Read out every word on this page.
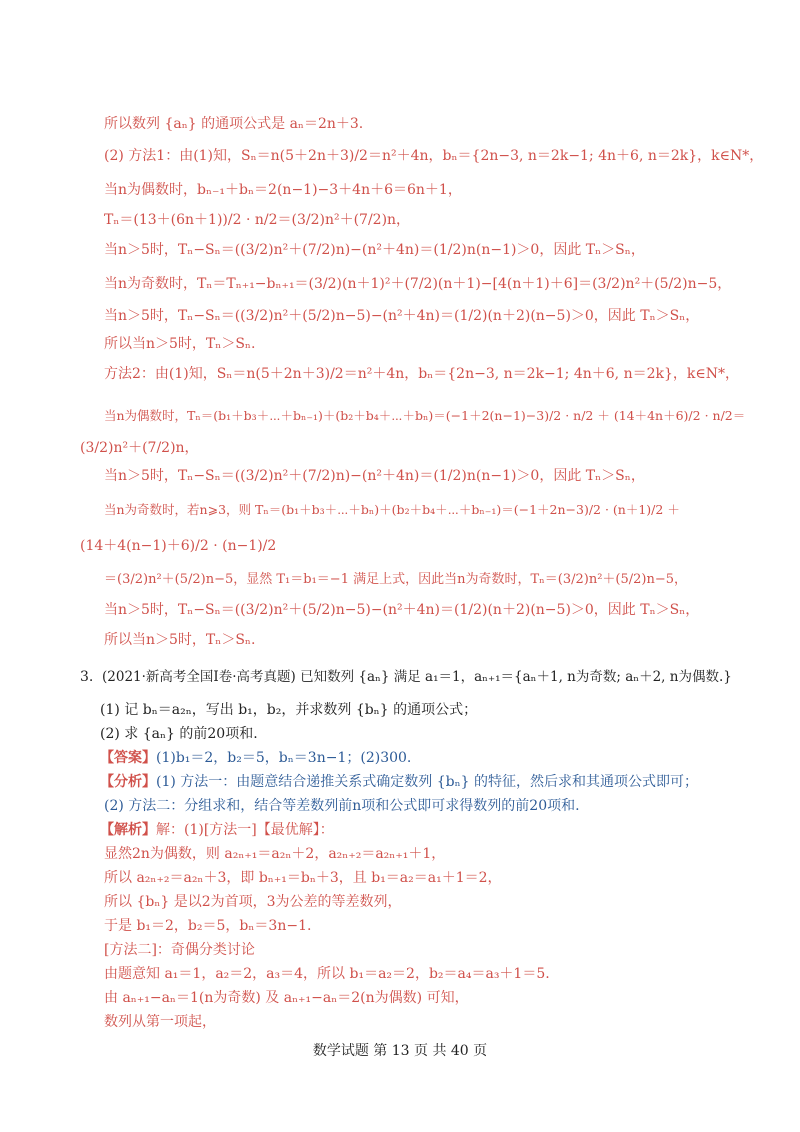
所以数列 {aₙ} 的通项公式是 aₙ＝2n＋3.
(2) 方法1：由(1)知，Sₙ＝n(5＋2n＋3)/2＝n²＋4n，bₙ＝{2n−3, n＝2k−1; 4n＋6, n＝2k}，k∈N*，
当n为偶数时，bₙ₋₁＋bₙ＝2(n−1)−3＋4n＋6＝6n＋1，
Tₙ＝(13＋(6n＋1))/2 · n/2＝(3/2)n²＋(7/2)n，
当n＞5时，Tₙ−Sₙ＝((3/2)n²＋(7/2)n)−(n²＋4n)＝(1/2)n(n−1)＞0，因此 Tₙ＞Sₙ，
当n为奇数时，Tₙ＝Tₙ₊₁−bₙ₊₁＝(3/2)(n＋1)²＋(7/2)(n＋1)−[4(n＋1)＋6]＝(3/2)n²＋(5/2)n−5，
当n＞5时，Tₙ−Sₙ＝((3/2)n²＋(5/2)n−5)−(n²＋4n)＝(1/2)(n＋2)(n−5)＞0，因此 Tₙ＞Sₙ，
所以当n＞5时，Tₙ＞Sₙ.
方法2：由(1)知，Sₙ＝n(5＋2n＋3)/2＝n²＋4n，bₙ＝{2n−3, n＝2k−1; 4n＋6, n＝2k}，k∈N*，
当n为偶数时，Tₙ＝(b₁＋b₃＋⋯＋bₙ₋₁)＋(b₂＋b₄＋⋯＋bₙ)＝(−1＋2(n−1)−3)/2 · n/2 ＋ (14＋4n＋6)/2 · n/2＝
(3/2)n²＋(7/2)n，
当n＞5时，Tₙ−Sₙ＝((3/2)n²＋(7/2)n)−(n²＋4n)＝(1/2)n(n−1)＞0，因此 Tₙ＞Sₙ，
当n为奇数时，若n⩾3，则 Tₙ＝(b₁＋b₃＋⋯＋bₙ)＋(b₂＋b₄＋⋯＋bₙ₋₁)＝(−1＋2n−3)/2 · (n＋1)/2 ＋
(14＋4(n−1)＋6)/2 · (n−1)/2
＝(3/2)n²＋(5/2)n−5，显然 T₁＝b₁＝−1 满足上式，因此当n为奇数时，Tₙ＝(3/2)n²＋(5/2)n−5，
当n＞5时，Tₙ−Sₙ＝((3/2)n²＋(5/2)n−5)−(n²＋4n)＝(1/2)(n＋2)(n−5)＞0，因此 Tₙ＞Sₙ，
所以当n＞5时，Tₙ＞Sₙ.
3. (2021·新高考全国Ⅰ卷·高考真题) 已知数列 {aₙ} 满足 a₁＝1，aₙ₊₁＝{aₙ＋1, n为奇数; aₙ＋2, n为偶数.}
(1) 记 bₙ＝a₂ₙ，写出 b₁，b₂，并求数列 {bₙ} 的通项公式；
(2) 求 {aₙ} 的前20项和.
【答案】(1)b₁＝2，b₂＝5，bₙ＝3n−1；(2)300.
【分析】(1) 方法一：由题意结合递推关系式确定数列 {bₙ} 的特征，然后求和其通项公式即可；
(2) 方法二：分组求和，结合等差数列前n项和公式即可求得数列的前20项和.
【解析】解：(1)[方法一]【最优解】：
显然2n为偶数，则 a₂ₙ₊₁＝a₂ₙ＋2，a₂ₙ₊₂＝a₂ₙ₊₁＋1，
所以 a₂ₙ₊₂＝a₂ₙ＋3，即 bₙ₊₁＝bₙ＋3，且 b₁＝a₂＝a₁＋1＝2，
所以 {bₙ} 是以2为首项，3为公差的等差数列，
于是 b₁＝2，b₂＝5，bₙ＝3n−1.
[方法二]：奇偶分类讨论
由题意知 a₁＝1，a₂＝2，a₃＝4，所以 b₁＝a₂＝2，b₂＝a₄＝a₃＋1＝5.
由 aₙ₊₁−aₙ＝1(n为奇数) 及 aₙ₊₁−aₙ＝2(n为偶数) 可知，
数列从第一项起，
数学试题 第 13 页 共 40 页
